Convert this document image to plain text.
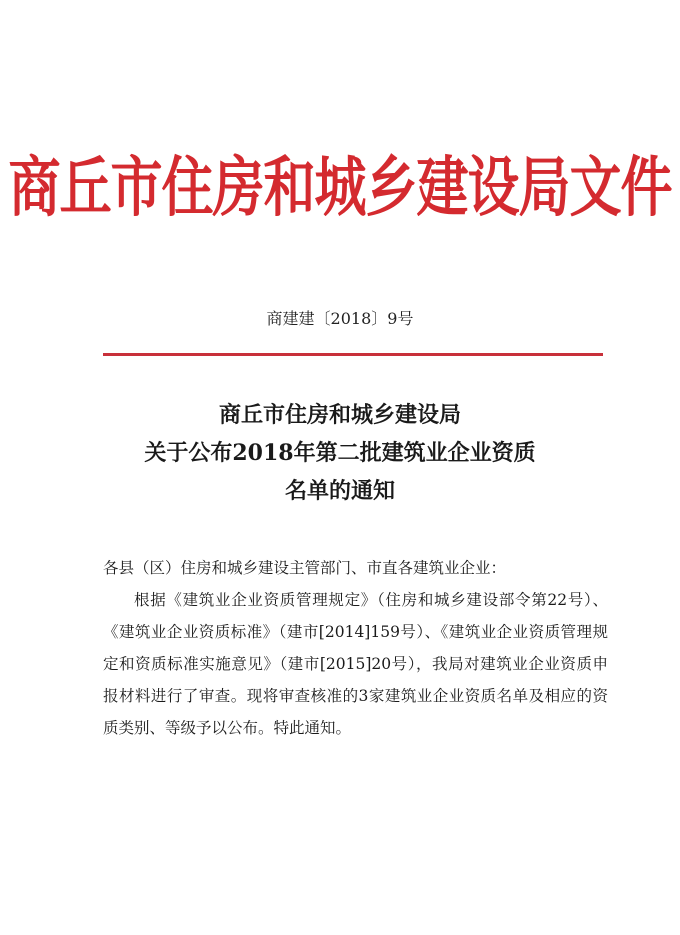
商丘市住房和城乡建设局文件
商建建〔2018〕9号
商丘市住房和城乡建设局
关于公布2018年第二批建筑业企业资质
名单的通知
各县（区）住房和城乡建设主管部门、市直各建筑业企业：
根据《建筑业企业资质管理规定》（住房和城乡建设部令第22号）、《建筑业企业资质标准》（建市[2014]159号）、《建筑业企业资质管理规定和资质标准实施意见》（建市[2015]20号），我局对建筑业企业资质申报材料进行了审查。现将审查核准的3家建筑业企业资质名单及相应的资质类别、等级予以公布。特此通知。
